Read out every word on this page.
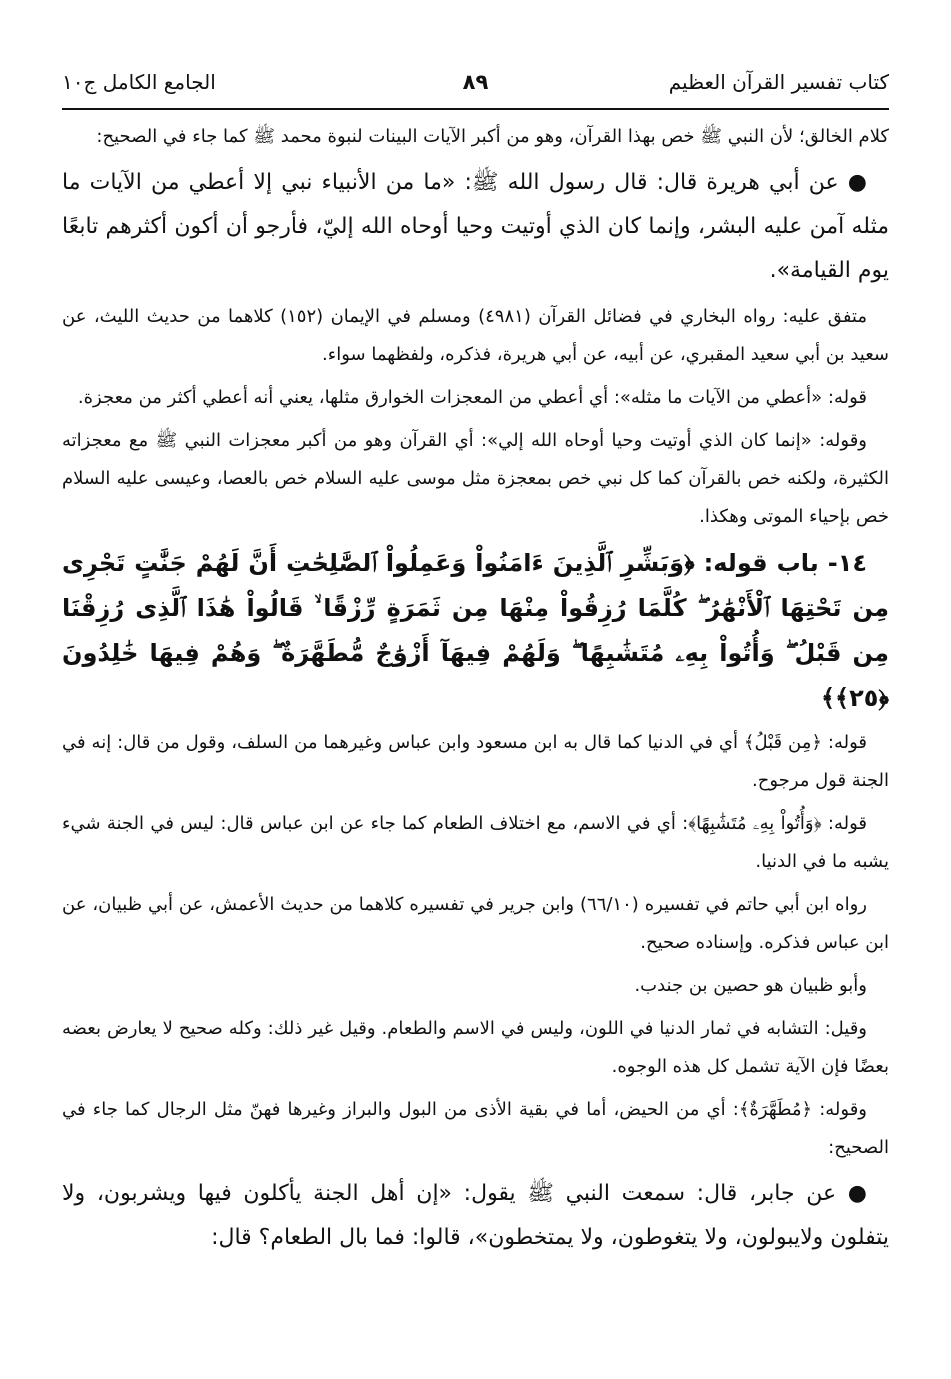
كتاب تفسير القرآن العظيم
٨٩
الجامع الكامل ج١٠

كلام الخالق؛ لأن النبي ﷺ خص بهذا القرآن، وهو من أكبر الآيات البينات لنبوة محمد ﷺ كما جاء في الصحيح:

● عن أبي هريرة قال: قال رسول الله ﷺ: «ما من الأنبياء نبي إلا أعطي من الآيات ما مثله آمن عليه البشر، وإنما كان الذي أوتيت وحيا أوحاه الله إليّ، فأرجو أن أكون أكثرهم تابعًا يوم القيامة».

متفق عليه: رواه البخاري في فضائل القرآن (٤٩٨١) ومسلم في الإيمان (١٥٢) كلاهما من حديث الليث، عن سعيد بن أبي سعيد المقبري، عن أبيه، عن أبي هريرة، فذكره، ولفظهما سواء.

قوله: «أعطي من الآيات ما مثله»: أي أعطي من المعجزات الخوارق مثلها، يعني أنه أعطي أكثر من معجزة.

وقوله: «إنما كان الذي أوتيت وحيا أوحاه الله إلي»: أي القرآن وهو من أكبر معجزات النبي ﷺ مع معجزاته الكثيرة، ولكنه خص بالقرآن كما كل نبي خص بمعجزة مثل موسى عليه السلام خص بالعصا، وعيسى عليه السلام خص بإحياء الموتى وهكذا.

١٤- باب قوله: ﴿وَبَشِّرِ ٱلَّذِينَ ءَامَنُواْ وَعَمِلُواْ ٱلصَّٰلِحَٰتِ أَنَّ لَهُمْ جَنَّٰتٍ تَجْرِى مِن تَحْتِهَا ٱلْأَنْهَٰرُ ۖ كُلَّمَا رُزِقُواْ مِنْهَا مِن ثَمَرَةٍ رِّزْقًا ۙ قَالُواْ هَٰذَا ٱلَّذِى رُزِقْنَا مِن قَبْلُ ۖ وَأُتُواْ بِهِۦ مُتَشَٰبِهًا ۖ وَلَهُمْ فِيهَآ أَزْوَٰجٌ مُّطَهَّرَةٌ ۖ وَهُمْ فِيهَا خَٰلِدُونَ ﴿٢٥﴾﴾

قوله: ﴿مِن قَبْلُ﴾ أي في الدنيا كما قال به ابن مسعود وابن عباس وغيرهما من السلف، وقول من قال: إنه في الجنة قول مرجوح.

قوله: ﴿وَأُتُواْ بِهِۦ مُتَشَٰبِهًا﴾: أي في الاسم، مع اختلاف الطعام كما جاء عن ابن عباس قال: ليس في الجنة شيء يشبه ما في الدنيا.

رواه ابن أبي حاتم في تفسيره (٦٦/١٠) وابن جرير في تفسيره كلاهما من حديث الأعمش، عن أبي ظبيان، عن ابن عباس فذكره. وإسناده صحيح.

وأبو ظبيان هو حصين بن جندب.

وقيل: التشابه في ثمار الدنيا في اللون، وليس في الاسم والطعام. وقيل غير ذلك: وكله صحيح لا يعارض بعضه بعضًا فإن الآية تشمل كل هذه الوجوه.

وقوله: ﴿مُطَهَّرَةٌ﴾: أي من الحيض، أما في بقية الأذى من البول والبراز وغيرها فهنّ مثل الرجال كما جاء في الصحيح:

● عن جابر، قال: سمعت النبي ﷺ يقول: «إن أهل الجنة يأكلون فيها ويشربون، ولا يتفلون ولايبولون، ولا يتغوطون، ولا يمتخطون»، قالوا: فما بال الطعام؟ قال:
